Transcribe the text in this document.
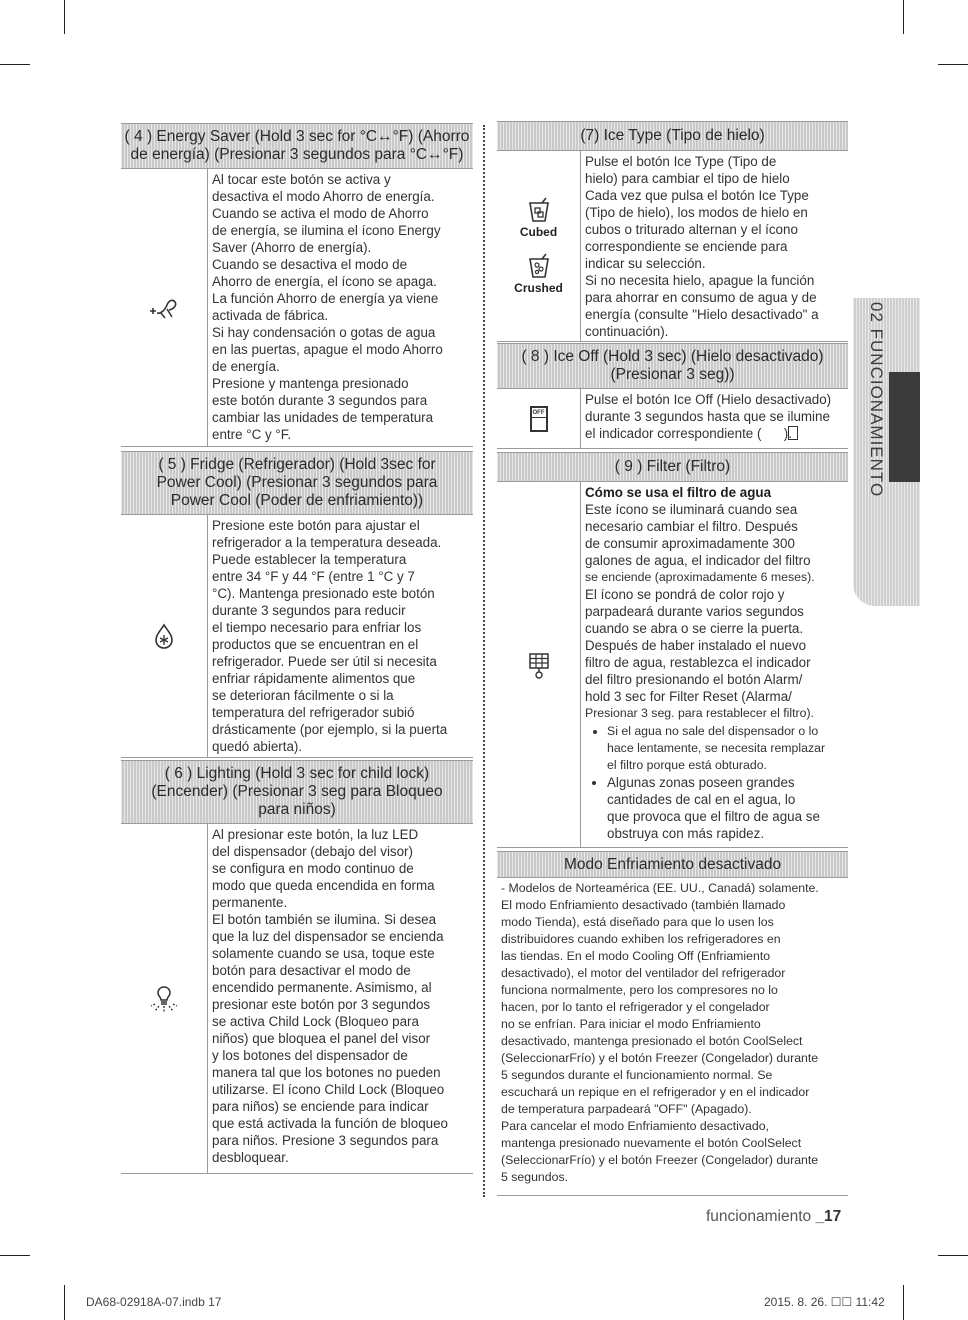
( 4 ) Energy Saver (Hold 3 sec for °C↔°F) (Ahorro
de energía) (Presionar 3 segundos para °C↔°F)

Al tocar este botón se activa y

desactiva el modo Ahorro de energía.

Cuando se activa el modo de Ahorro

de energía, se ilumina el ícono Energy

Saver (Ahorro de energía).

Cuando se desactiva el modo de

Ahorro de energía, el ícono se apaga.

La función Ahorro de energía ya viene

activada de fábrica.

Si hay condensación o gotas de agua

en las puertas, apague el modo Ahorro

de energía.

Presione y mantenga presionado

este botón durante 3 segundos para

cambiar las unidades de temperatura

entre °C y °F.

( 5 ) Fridge (Refrigerador) (Hold 3sec for
Power Cool) (Presionar 3 segundos para
Power Cool (Poder de enfriamiento))

Presione este botón para ajustar el

refrigerador a la temperatura deseada.

Puede establecer la temperatura

entre 34 °F y 44 °F (entre 1 °C y 7

°C). Mantenga presionado este botón

durante 3 segundos para reducir

el tiempo necesario para enfriar los

productos que se encuentran en el

refrigerador. Puede ser útil si necesita

enfriar rápidamente alimentos que

se deterioran fácilmente o si la

temperatura del refrigerador subió

drásticamente (por ejemplo, si la puerta

quedó abierta).

( 6 ) Lighting (Hold 3 sec for child lock)
(Encender) (Presionar 3 seg para Bloqueo
para niños)

Al presionar este botón, la luz LED

del dispensador (debajo del visor)

se configura en modo continuo de

modo que queda encendida en forma

permanente.

El botón también se ilumina. Si desea

que la luz del dispensador se encienda

solamente cuando se usa, toque este

botón para desactivar el modo de

encendido permanente. Asimismo, al

presionar este botón por 3 segundos

se activa Child Lock (Bloqueo para

niños) que bloquea el panel del visor

y los botones del dispensador de

manera tal que los botones no pueden

utilizarse. El ícono Child Lock (Bloqueo

para niños) se enciende para indicar

que está activada la función de bloqueo

para niños. Presione 3 segundos para

desbloquear.

(7) Ice Type (Tipo de hielo)
Cubed
Crushed

Pulse el botón Ice Type (Tipo de

hielo) para cambiar el tipo de hielo

Cada vez que pulsa el botón Ice Type

(Tipo de hielo), los modos de hielo en

cubos o triturado alternan y el ícono

correspondiente se enciende para

indicar su selección.

Si no necesita hielo, apague la función

para ahorrar en consumo de agua y de

energía (consulte "Hielo desactivado" a

continuación).

( 8 ) Ice Off (Hold 3 sec) (Hielo desactivado)
(Presionar 3 seg))
OFF

Pulse el botón Ice Off (Hielo desactivado)

durante 3 segundos hasta que se ilumine

el indicador correspondiente (      ).

( 9 ) Filter (Filtro)

Cómo se usa el filtro de agua

Este ícono se iluminará cuando sea

necesario cambiar el filtro. Después

de consumir aproximadamente 300

galones de agua, el indicador del filtro

se enciende (aproximadamente 6 meses).

El ícono se pondrá de color rojo y

parpadeará durante varios segundos

cuando se abra o se cierre la puerta.

Después de haber instalado el nuevo

filtro de agua, restablezca el indicador

del filtro presionando el botón Alarm/

hold 3 sec for Filter Reset (Alarma/

Presionar 3 seg. para restablecer el filtro).

• Si el agua no sale del dispensador o lo
hace lentamente, se necesita remplazar
el filtro porque está obturado.
• Algunas zonas poseen grandes
cantidades de cal en el agua, lo
que provoca que el filtro de agua se
obstruya con más rapidez.
Modo Enfriamiento desactivado

- Modelos de Norteamérica (EE. UU., Canadá) solamente.

El modo Enfriamiento desactivado (también llamado

modo Tienda), está diseñado para que lo usen los

distribuidores cuando exhiben los refrigeradores en

las tiendas. En el modo Cooling Off (Enfriamiento

desactivado), el motor del ventilador del refrigerador

funciona normalmente, pero los compresores no lo

hacen, por lo tanto el refrigerador y el congelador

no se enfrían. Para iniciar el modo Enfriamiento

desactivado, mantenga presionado el botón CoolSelect

(SeleccionarFrío) y el botón Freezer (Congelador) durante

5 segundos durante el funcionamiento normal. Se

escuchará un repique en el refrigerador y en el indicador

de temperatura parpadeará "OFF" (Apagado).

Para cancelar el modo Enfriamiento desactivado,

mantenga presionado nuevamente el botón CoolSelect

(SeleccionarFrío) y el botón Freezer (Congelador) durante

5 segundos.

02 FUNCIONAMIENTO
funcionamiento _17
DA68-02918A-07.indb 17	2015. 8. 26. ☐☐ 11:42
